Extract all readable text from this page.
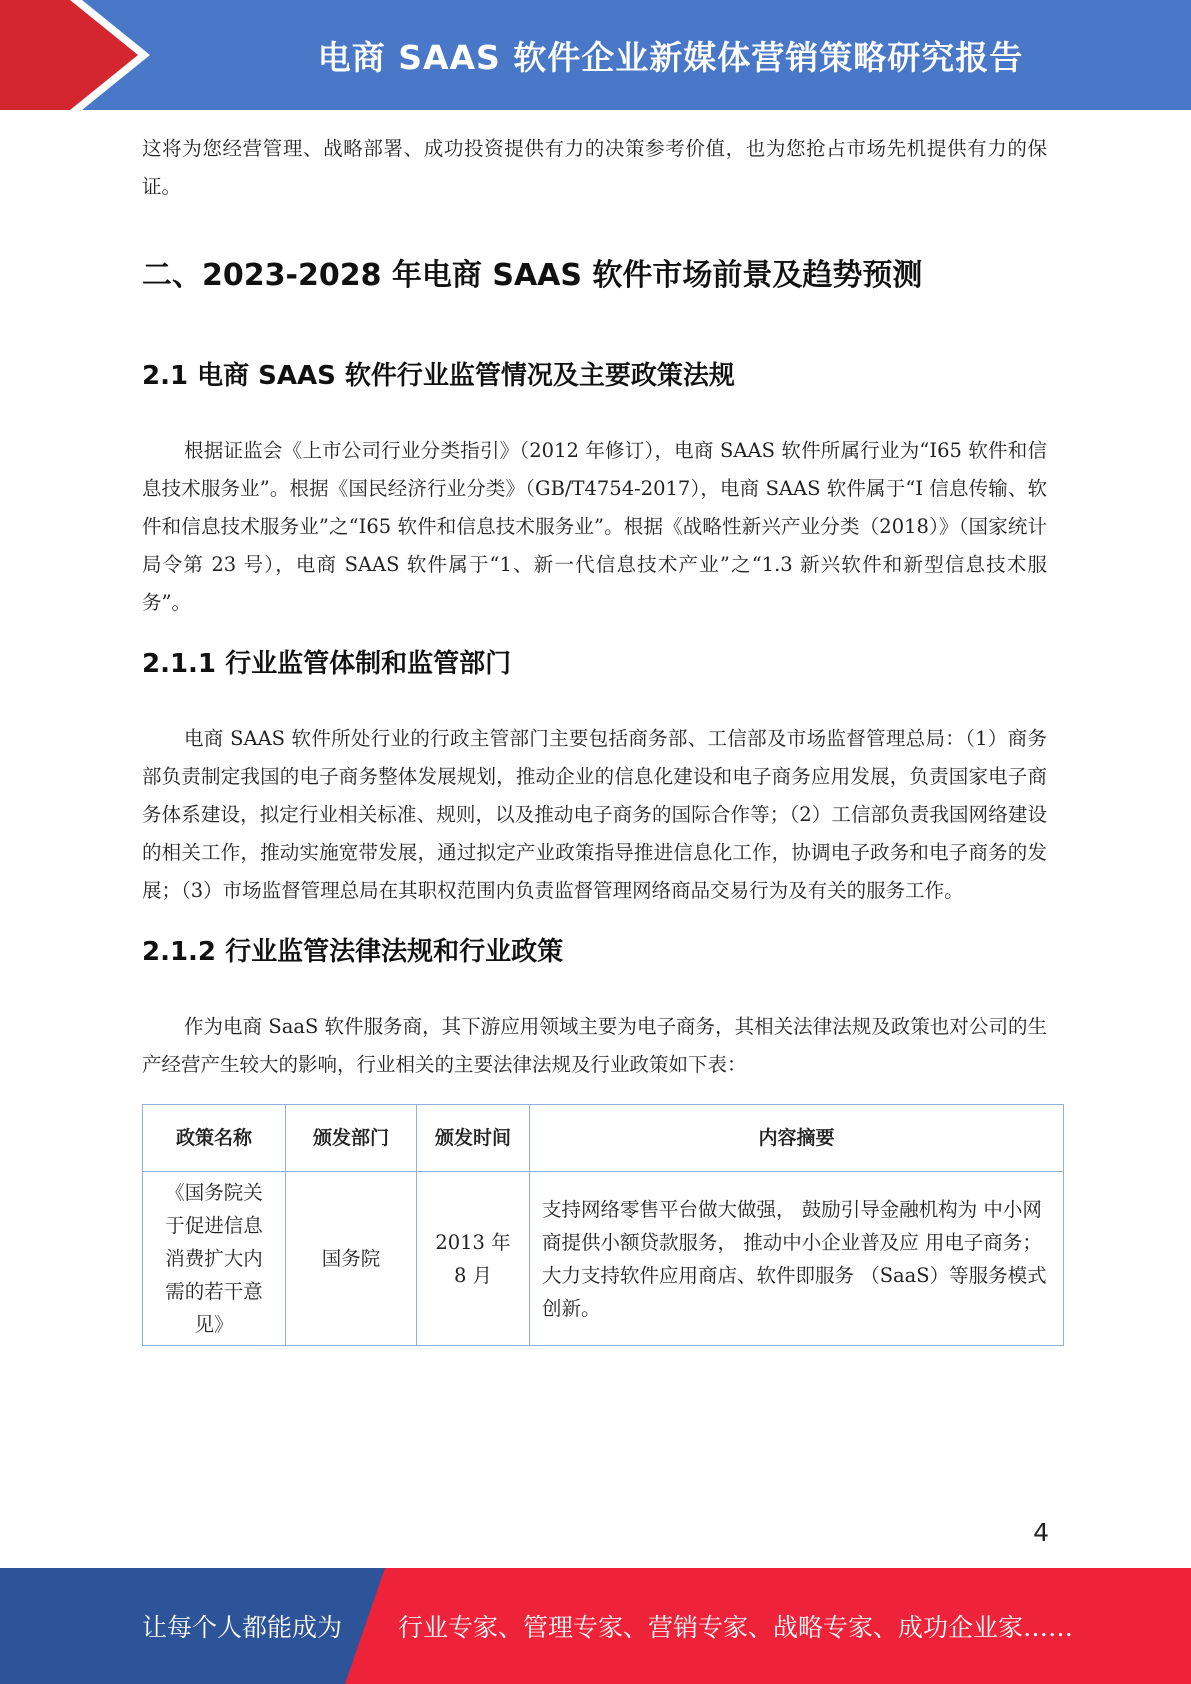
电商 SAAS 软件企业新媒体营销策略研究报告

这将为您经营管理、战略部署、成功投资提供有力的决策参考价值，也为您抢占市场先机提供有力的保证。

二、2023-2028 年电商 SAAS 软件市场前景及趋势预测
2.1 电商 SAAS 软件行业监管情况及主要政策法规

根据证监会《上市公司行业分类指引》（2012 年修订），电商 SAAS 软件所属行业为“I65 软件和信息技术服务业”。根据《国民经济行业分类》（GB/T4754-2017），电商 SAAS 软件属于“I 信息传输、软件和信息技术服务业”之“I65 软件和信息技术服务业”。根据《战略性新兴产业分类（2018）》（国家统计局令第 23 号），电商 SAAS 软件属于“1、新一代信息技术产业”之“1.3 新兴软件和新型信息技术服务”。

2.1.1 行业监管体制和监管部门

电商 SAAS 软件所处行业的行政主管部门主要包括商务部、工信部及市场监督管理总局：（1）商务部负责制定我国的电子商务整体发展规划，推动企业的信息化建设和电子商务应用发展，负责国家电子商务体系建设，拟定行业相关标准、规则，以及推动电子商务的国际合作等；（2）工信部负责我国网络建设的相关工作，推动实施宽带发展，通过拟定产业政策指导推进信息化工作，协调电子政务和电子商务的发展；（3）市场监督管理总局在其职权范围内负责监督管理网络商品交易行为及有关的服务工作。

2.1.2 行业监管法律法规和行业政策

作为电商 SaaS 软件服务商，其下游应用领域主要为电子商务，其相关法律法规及政策也对公司的生产经营产生较大的影响，行业相关的主要法律法规及行业政策如下表：

政策名称	颁发部门	颁发时间	内容摘要
《国务院关于促进信息消费扩大内需的若干意见》	国务院	2013 年 8 月	支持网络零售平台做大做强， 鼓励引导金融机构为 中小网商提供小额贷款服务， 推动中小企业普及应 用电子商务；大力支持软件应用商店、软件即服务 （SaaS）等服务模式创新。
4
让每个人都能成为 行业专家、管理专家、营销专家、战略专家、成功企业家……
